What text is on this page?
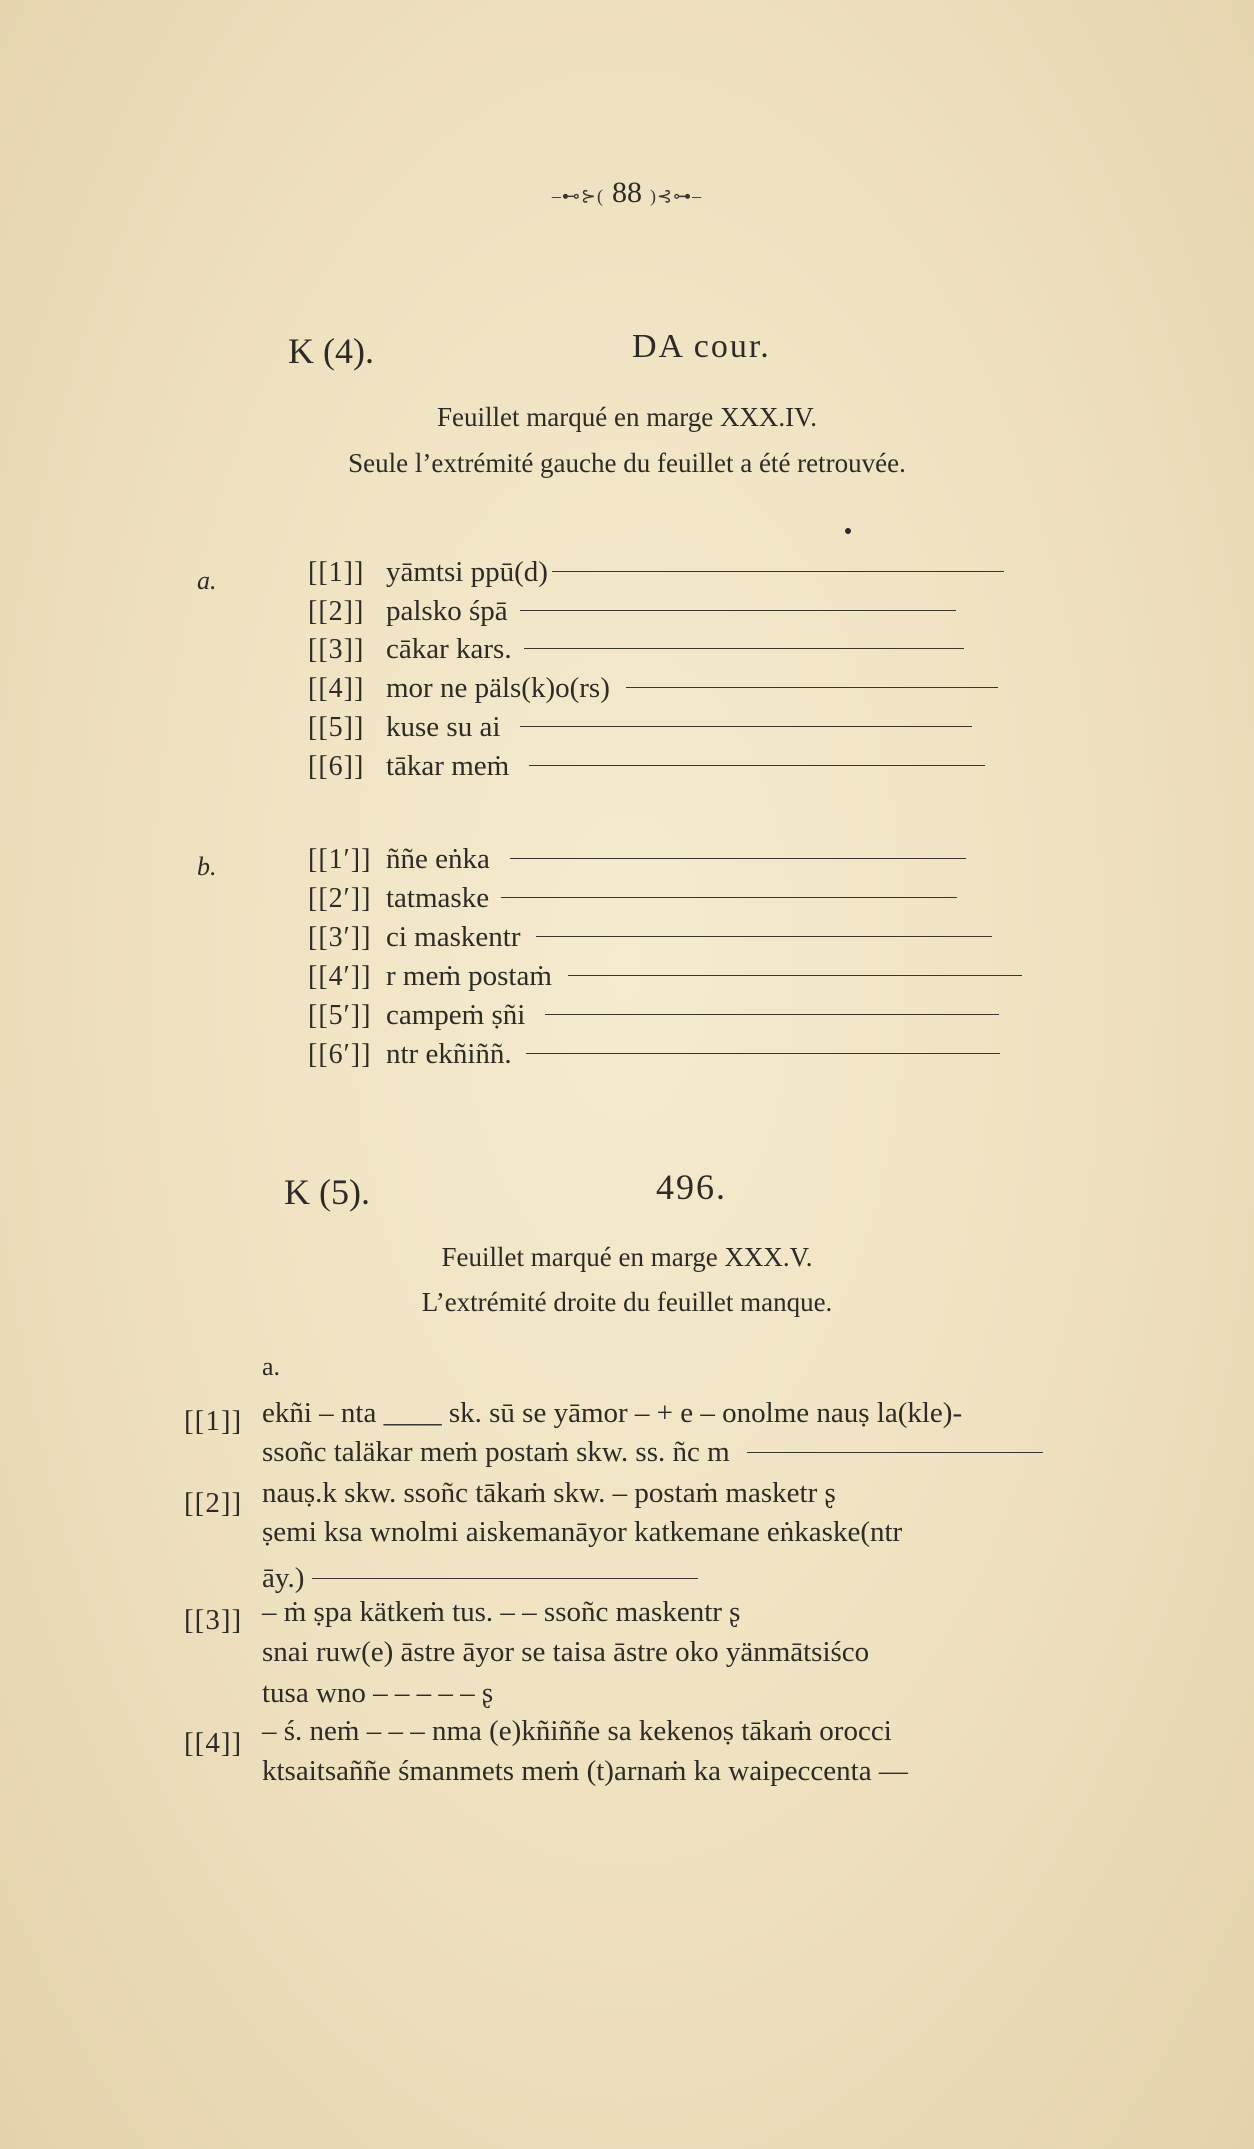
–⊷⊱( 88 )⊰⊶–
K (4).	DA cour.
Feuillet marqué en marge XXX.IV.
Seule l’extrémité gauche du feuillet a été retrouvée.
a.	[[1]] yāmtsi ppū(d)
[[2]] palsko śpā
[[3]] cākar kars.
[[4]] mor ne päls(k)o(rs)
[[5]] kuse su ai
[[6]] tākar meṁ
b.	[[1′]] ññe eṅka
[[2′]] tatmaske
[[3′]] ci maskentr
[[4′]] r meṁ postaṁ
[[5′]] campeṁ ṣñi
[[6′]] ntr ekñiññ.
K (5).	496.
Feuillet marqué en marge XXX.V.
L’extrémité droite du feuillet manque.
a.
[[1]] ekñi – nta ____ sk. sū se yāmor – + e – onolme nauṣ la(kle)-
ssoñc taläkar meṁ postaṁ skw. ss. ñc m
[[2]] nauṣ.k skw. ssoñc tākaṁ skw. – postaṁ masketr ʂ
ṣemi ksa wnolmi aiskemanāyor katkemane eṅkaske(ntr
āy.)
[[3]] – ṁ ṣpa kätkeṁ tus. – – ssoñc maskentr ʂ
snai ruw(e) āstre āyor se taisa āstre oko yänmātsiśco
tusa wno – – – – – ʂ
[[4]] – ś. neṁ – – – nma (e)kñiññe sa kekenoṣ tākaṁ orocci
ktsaitsaññe śmanmets meṁ (t)arnaṁ ka waipeccenta —
